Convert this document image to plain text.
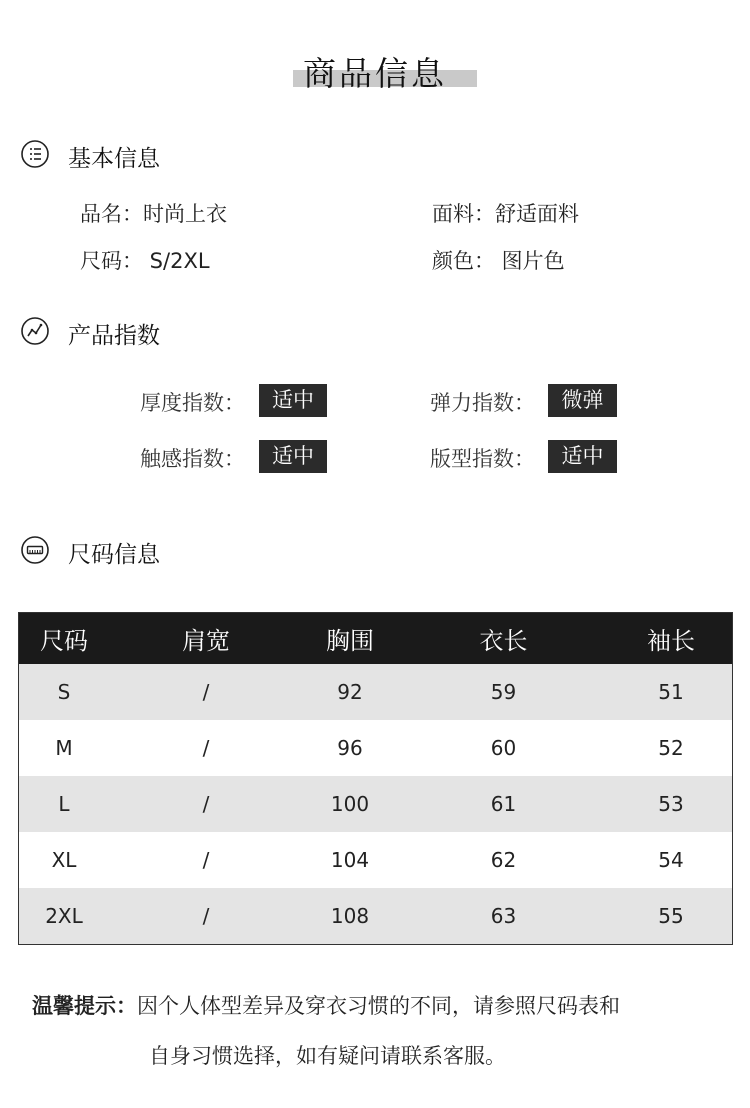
商品信息
基本信息
品名：时尚上衣	面料：舒适面料
尺码： S/2XL	颜色： 图片色
产品指数
厚度指数：	适中	弹力指数：	微弹
触感指数：	适中	版型指数：	适中
尺码信息
尺码	肩宽	胸围	衣长	袖长
S	/	92	59	51
M	/	96	60	52
L	/	100	61	53
XL	/	104	62	54
2XL	/	108	63	55
温馨提示：因个人体型差异及穿衣习惯的不同，请参照尺码表和
自身习惯选择，如有疑问请联系客服。
